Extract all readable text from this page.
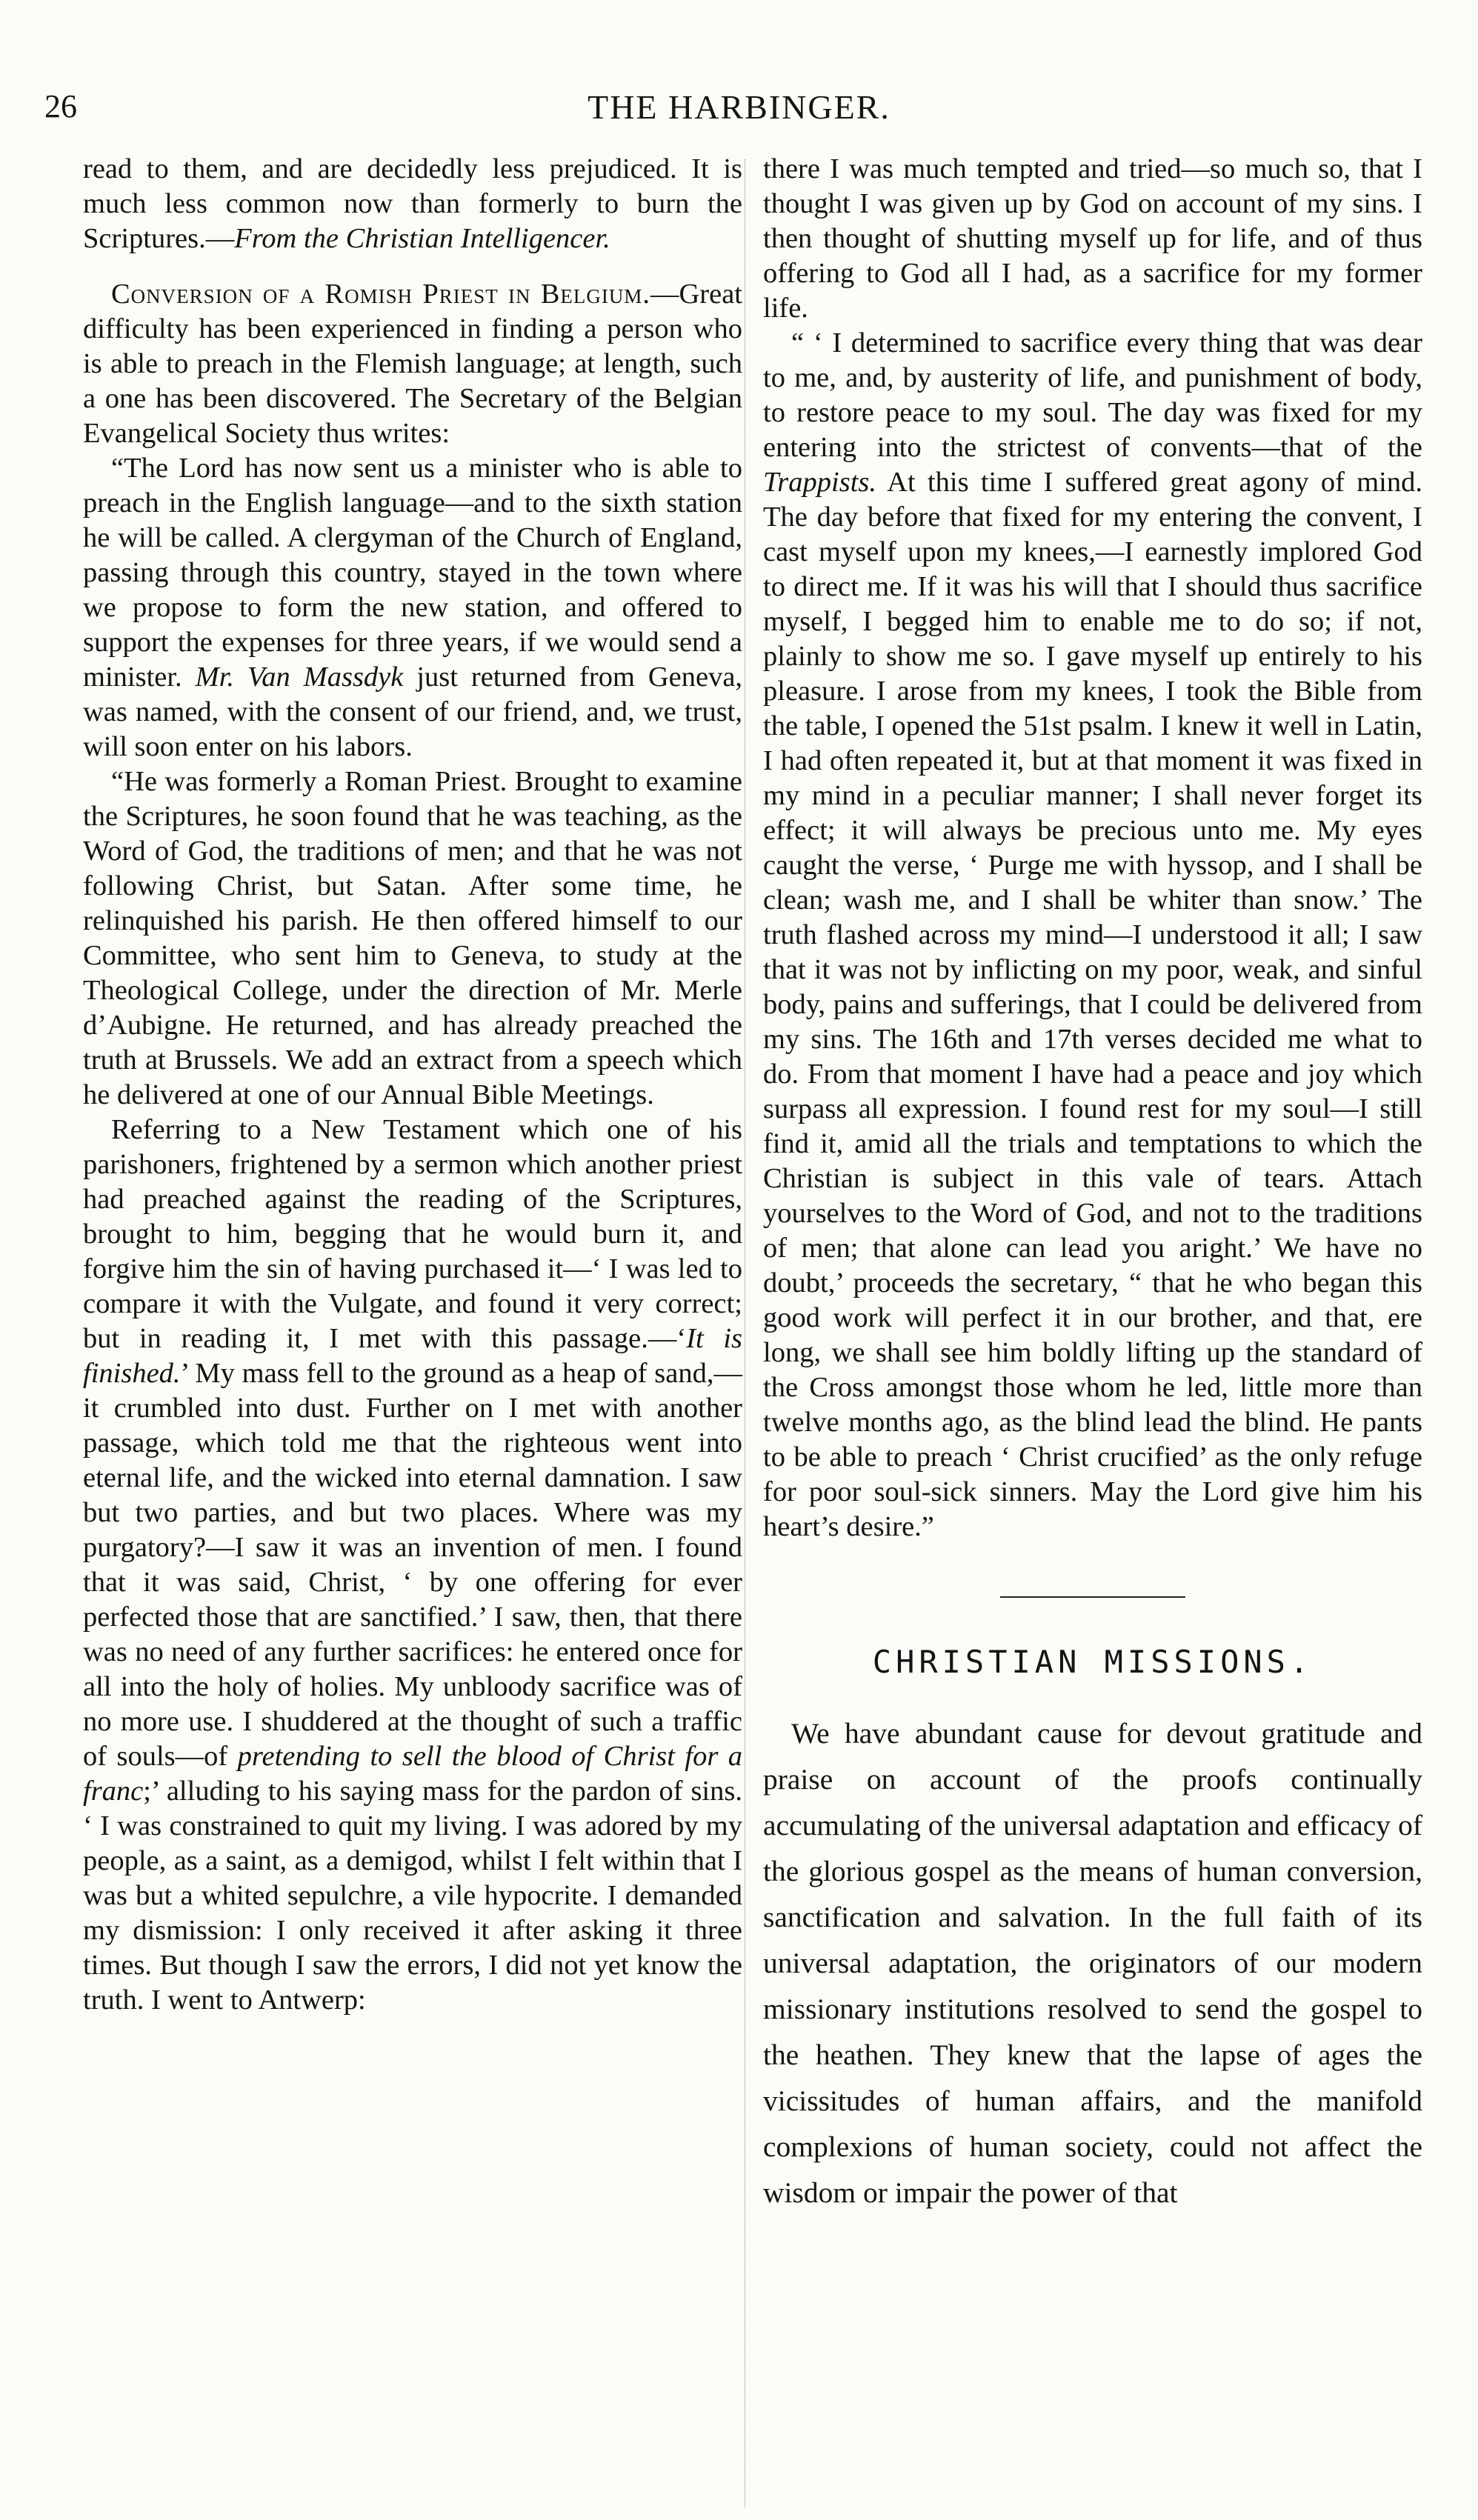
26	THE HARBINGER.

read to them, and are decidedly less prejudiced. It is much less common now than formerly to burn the Scriptures.—From the Christian Intelligencer.

Conversion of a Romish Priest in Belgium.—Great difficulty has been experienced in finding a person who is able to preach in the Flemish language; at length, such a one has been discovered. The Secretary of the Belgian Evangelical Society thus writes:

“The Lord has now sent us a minister who is able to preach in the English language—and to the sixth station he will be called. A clergyman of the Church of England, passing through this country, stayed in the town where we propose to form the new station, and offered to support the expenses for three years, if we would send a minister. Mr. Van Massdyk just returned from Geneva, was named, with the consent of our friend, and, we trust, will soon enter on his labors.

“He was formerly a Roman Priest. Brought to examine the Scriptures, he soon found that he was teaching, as the Word of God, the traditions of men; and that he was not following Christ, but Satan. After some time, he relinquished his parish. He then offered himself to our Committee, who sent him to Geneva, to study at the Theological College, under the direction of Mr. Merle d’Aubigne. He returned, and has already preached the truth at Brussels. We add an extract from a speech which he delivered at one of our Annual Bible Meetings.

Referring to a New Testament which one of his parishoners, frightened by a sermon which another priest had preached against the reading of the Scriptures, brought to him, begging that he would burn it, and forgive him the sin of having purchased it—‘ I was led to compare it with the Vulgate, and found it very correct; but in reading it, I met with this passage.—‘It is finished.’ My mass fell to the ground as a heap of sand,—it crumbled into dust. Further on I met with another passage, which told me that the righteous went into eternal life, and the wicked into eternal damnation. I saw but two parties, and but two places. Where was my purgatory?—I saw it was an invention of men. I found that it was said, Christ, ‘ by one offering for ever perfected those that are sanctified.’ I saw, then, that there was no need of any further sacrifices: he entered once for all into the holy of holies. My unbloody sacrifice was of no more use. I shuddered at the thought of such a traffic of souls—of pretending to sell the blood of Christ for a franc;’ alluding to his saying mass for the pardon of sins. ‘ I was constrained to quit my living. I was adored by my people, as a saint, as a demigod, whilst I felt within that I was but a whited sepulchre, a vile hypocrite. I demanded my dismission: I only received it after asking it three times. But though I saw the errors, I did not yet know the truth. I went to Antwerp:

there I was much tempted and tried—so much so, that I thought I was given up by God on account of my sins. I then thought of shutting myself up for life, and of thus offering to God all I had, as a sacrifice for my former life.

“ ‘ I determined to sacrifice every thing that was dear to me, and, by austerity of life, and punishment of body, to restore peace to my soul. The day was fixed for my entering into the strictest of convents—that of the Trappists. At this time I suffered great agony of mind. The day before that fixed for my entering the convent, I cast myself upon my knees,—I earnestly implored God to direct me. If it was his will that I should thus sacrifice myself, I begged him to enable me to do so; if not, plainly to show me so. I gave myself up entirely to his pleasure. I arose from my knees, I took the Bible from the table, I opened the 51st psalm. I knew it well in Latin, I had often repeated it, but at that moment it was fixed in my mind in a peculiar manner; I shall never forget its effect; it will always be precious unto me. My eyes caught the verse, ‘ Purge me with hyssop, and I shall be clean; wash me, and I shall be whiter than snow.’ The truth flashed across my mind—I understood it all; I saw that it was not by inflicting on my poor, weak, and sinful body, pains and sufferings, that I could be delivered from my sins. The 16th and 17th verses decided me what to do. From that moment I have had a peace and joy which surpass all expression. I found rest for my soul—I still find it, amid all the trials and temptations to which the Christian is subject in this vale of tears. Attach yourselves to the Word of God, and not to the traditions of men; that alone can lead you aright.’ We have no doubt,’ proceeds the secretary, “ that he who began this good work will perfect it in our brother, and that, ere long, we shall see him boldly lifting up the standard of the Cross amongst those whom he led, little more than twelve months ago, as the blind lead the blind. He pants to be able to preach ‘ Christ crucified’ as the only refuge for poor soul-sick sinners. May the Lord give him his heart’s desire.”

CHRISTIAN MISSIONS.

We have abundant cause for devout gratitude and praise on account of the proofs continually accumulating of the universal adaptation and efficacy of the glorious gospel as the means of human conversion, sanctification and salvation. In the full faith of its universal adaptation, the originators of our modern missionary institutions resolved to send the gospel to the heathen. They knew that the lapse of ages the vicissitudes of human affairs, and the manifold complexions of human society, could not affect the wisdom or impair the power of that
